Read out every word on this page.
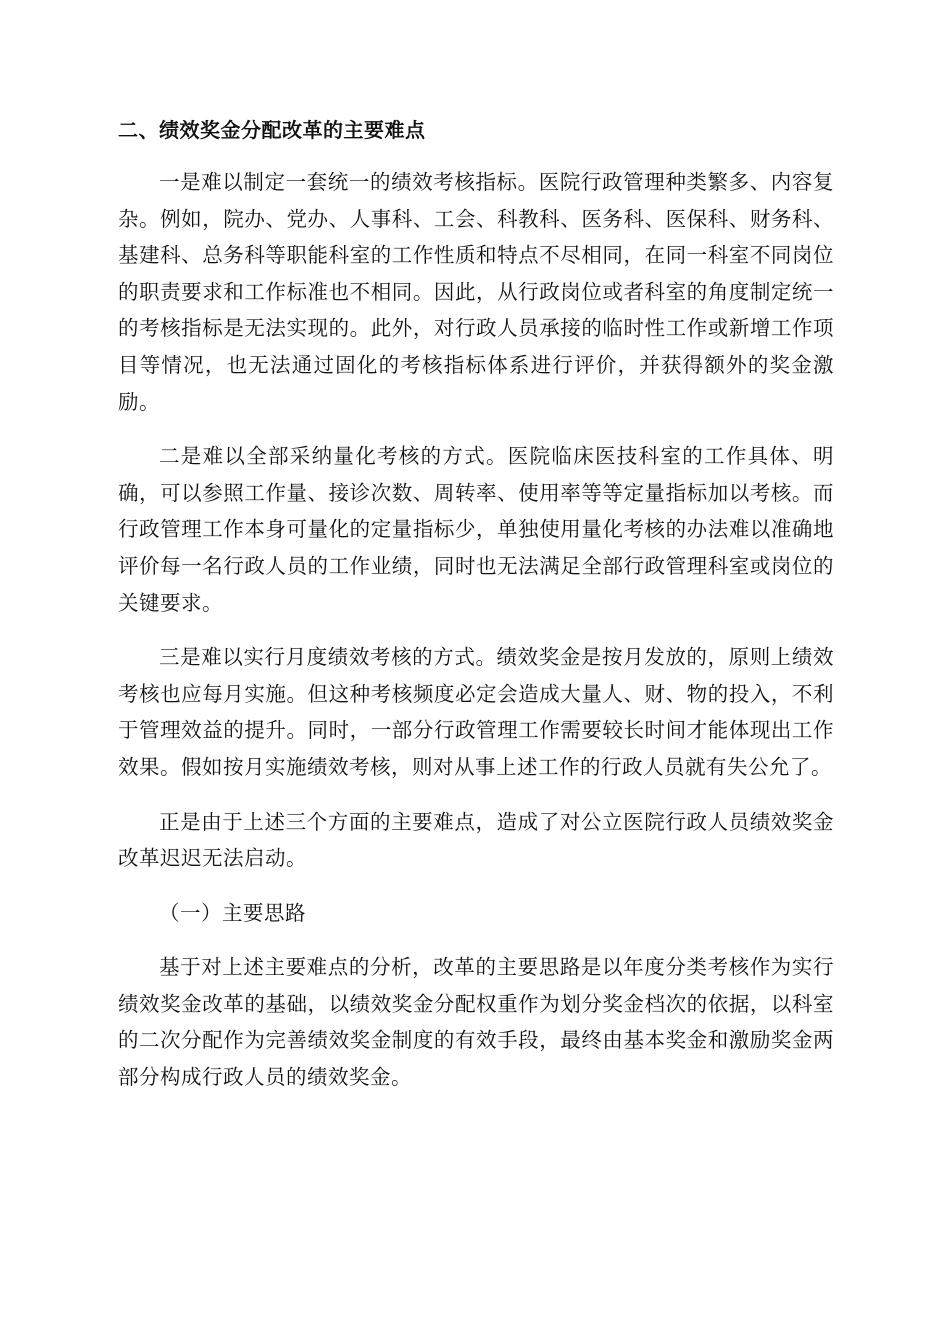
二、绩效奖金分配改革的主要难点

一是难以制定一套统一的绩效考核指标。医院行政管理种类繁多、内容复杂。例如，院办、党办、人事科、工会、科教科、医务科、医保科、财务科、基建科、总务科等职能科室的工作性质和特点不尽相同，在同一科室不同岗位的职责要求和工作标准也不相同。因此，从行政岗位或者科室的角度制定统一的考核指标是无法实现的。此外，对行政人员承接的临时性工作或新增工作项目等情况，也无法通过固化的考核指标体系进行评价，并获得额外的奖金激励。

二是难以全部采纳量化考核的方式。医院临床医技科室的工作具体、明确，可以参照工作量、接诊次数、周转率、使用率等等定量指标加以考核。而行政管理工作本身可量化的定量指标少，单独使用量化考核的办法难以准确地评价每一名行政人员的工作业绩，同时也无法满足全部行政管理科室或岗位的关键要求。

三是难以实行月度绩效考核的方式。绩效奖金是按月发放的，原则上绩效考核也应每月实施。但这种考核频度必定会造成大量人、财、物的投入，不利于管理效益的提升。同时，一部分行政管理工作需要较长时间才能体现出工作效果。假如按月实施绩效考核，则对从事上述工作的行政人员就有失公允了。

正是由于上述三个方面的主要难点，造成了对公立医院行政人员绩效奖金改革迟迟无法启动。

（一）主要思路

基于对上述主要难点的分析，改革的主要思路是以年度分类考核作为实行绩效奖金改革的基础，以绩效奖金分配权重作为划分奖金档次的依据，以科室的二次分配作为完善绩效奖金制度的有效手段，最终由基本奖金和激励奖金两部分构成行政人员的绩效奖金。
